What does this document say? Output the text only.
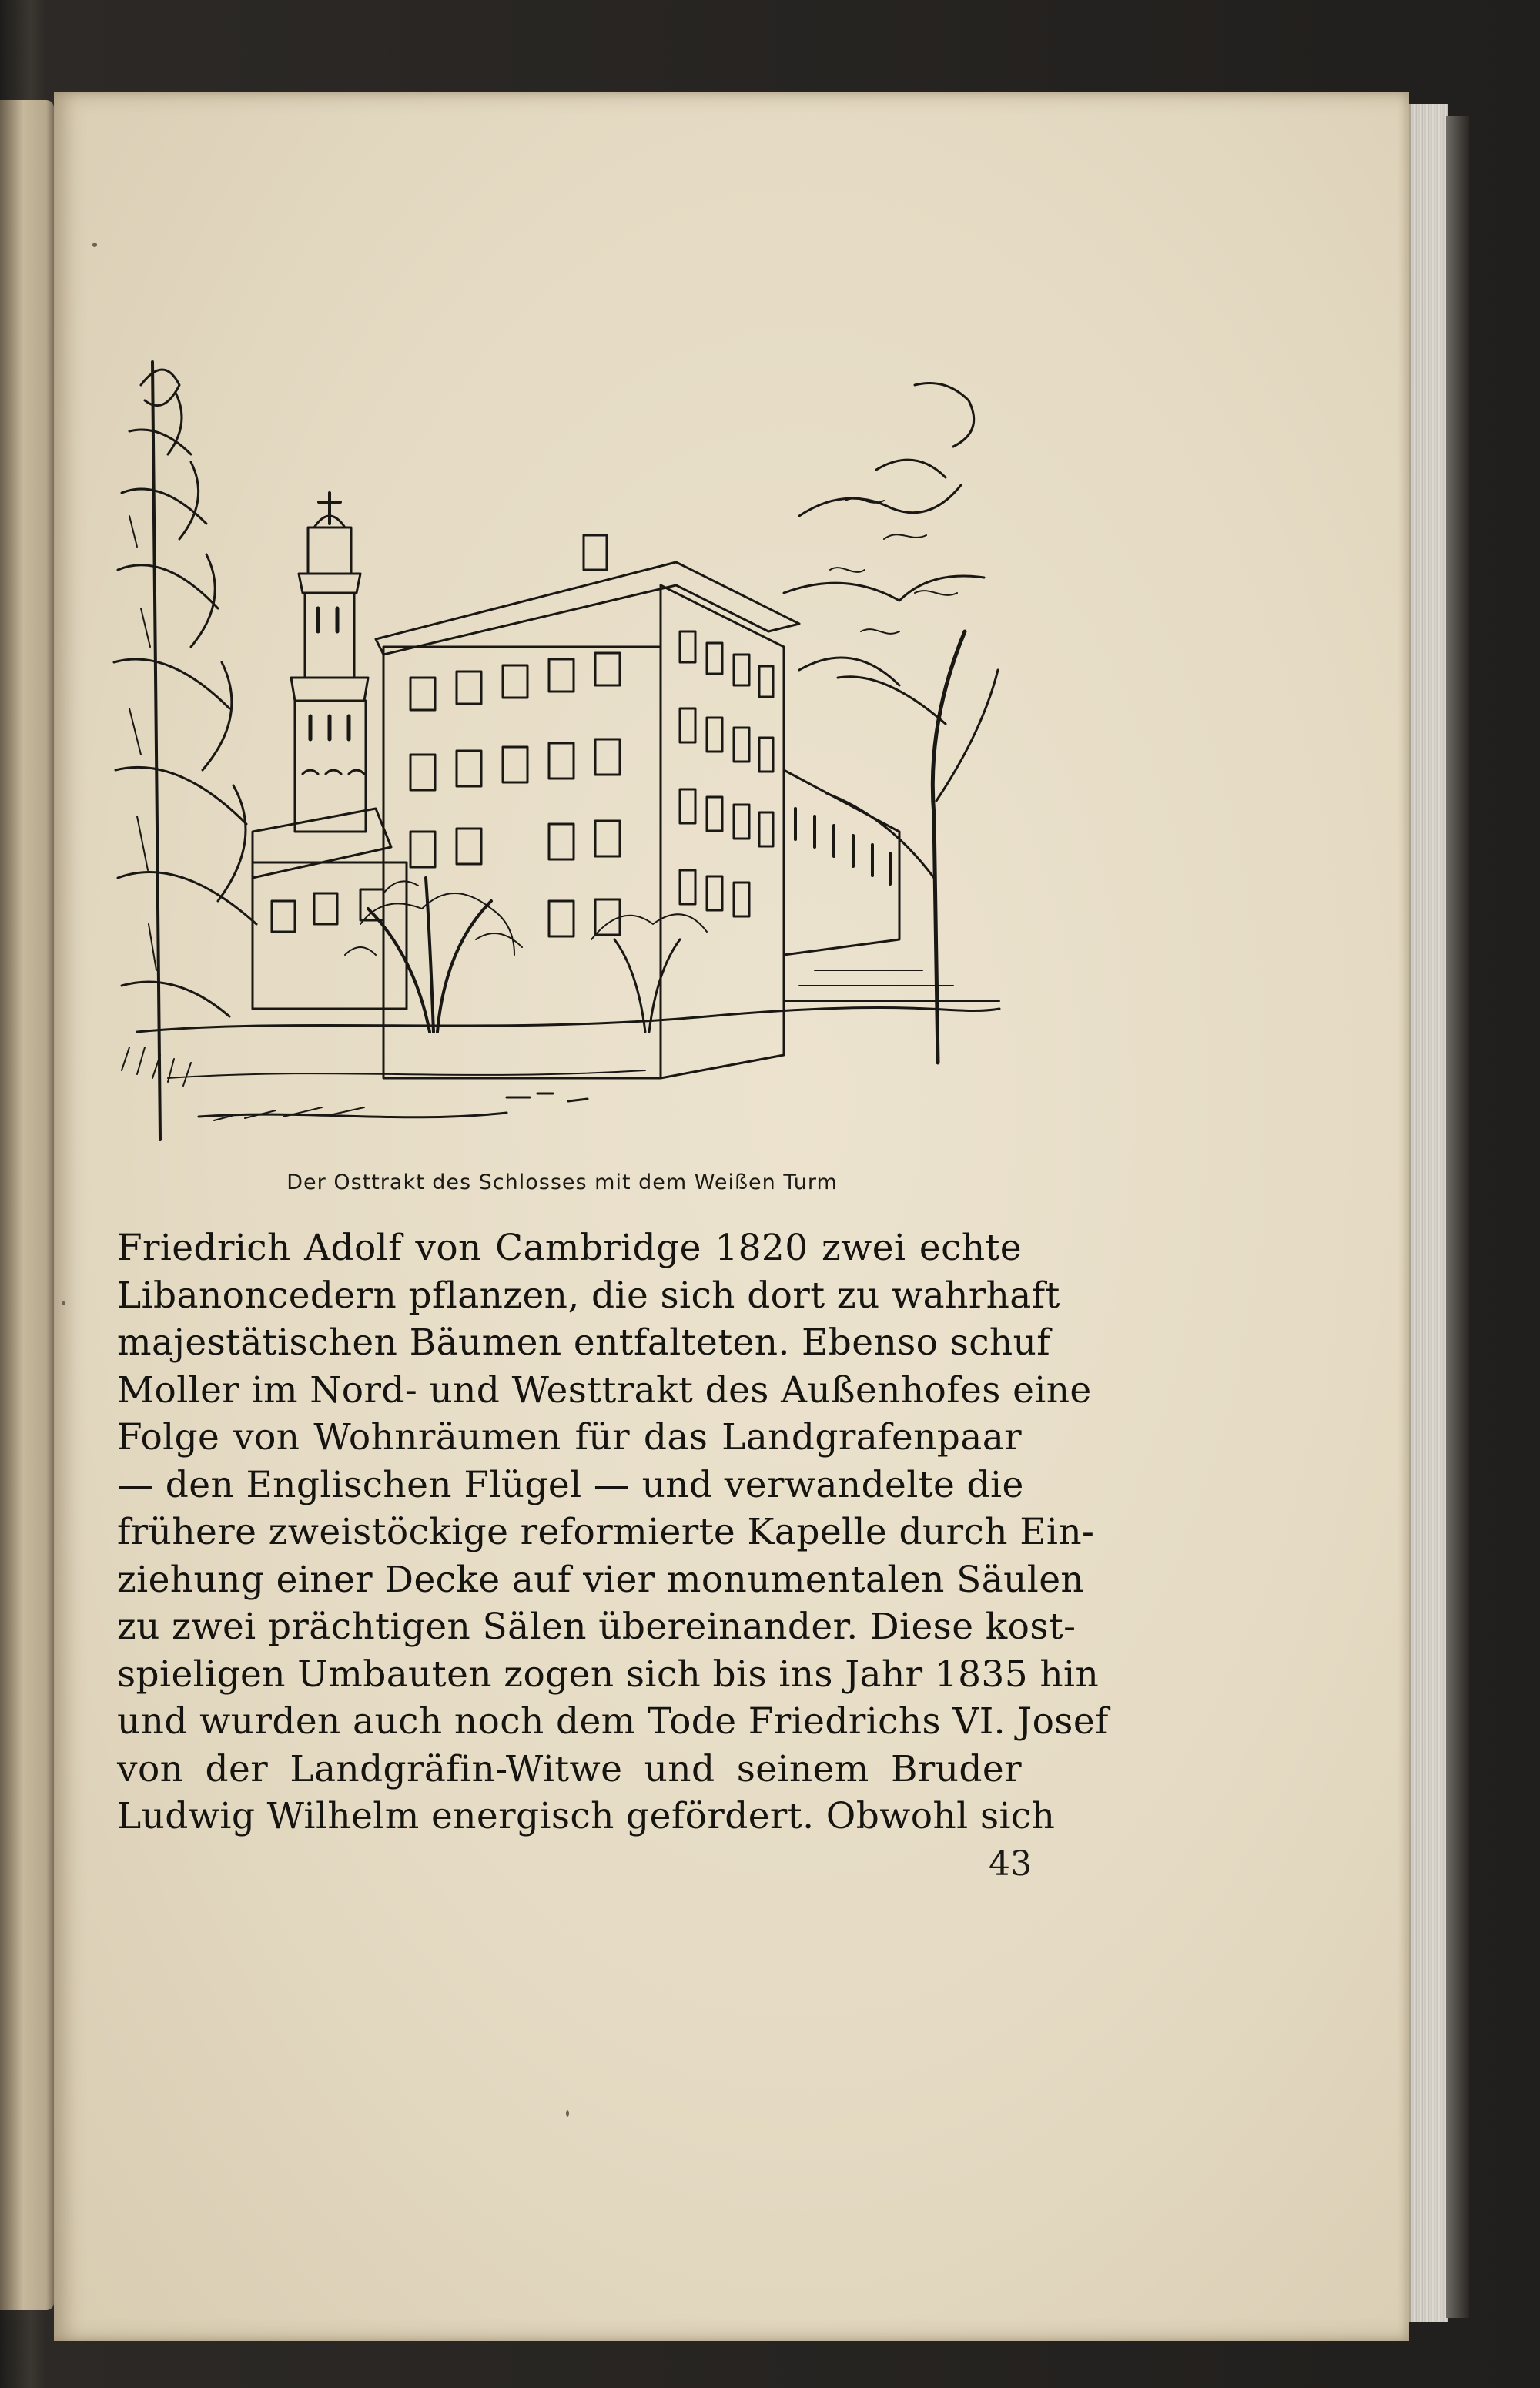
Der Osttrakt des Schlosses mit dem Weißen Turm
Friedrich Adolf von Cambridge 1820 zwei echte
Libanoncedern pflanzen, die sich dort zu wahrhaft
majestätischen Bäumen entfalteten. Ebenso schuf
Moller im Nord- und Westtrakt des Außenhofes eine
Folge von Wohnräumen für das Landgrafenpaar
— den Englischen Flügel — und verwandelte die
frühere zweistöckige reformierte Kapelle durch Ein-
ziehung einer Decke auf vier monumentalen Säulen
zu zwei prächtigen Sälen übereinander. Diese kost-
spieligen Umbauten zogen sich bis ins Jahr 1835 hin
und wurden auch noch dem Tode Friedrichs VI. Josef
von der Landgräfin-Witwe und seinem Bruder
Ludwig Wilhelm energisch gefördert. Obwohl sich
43
